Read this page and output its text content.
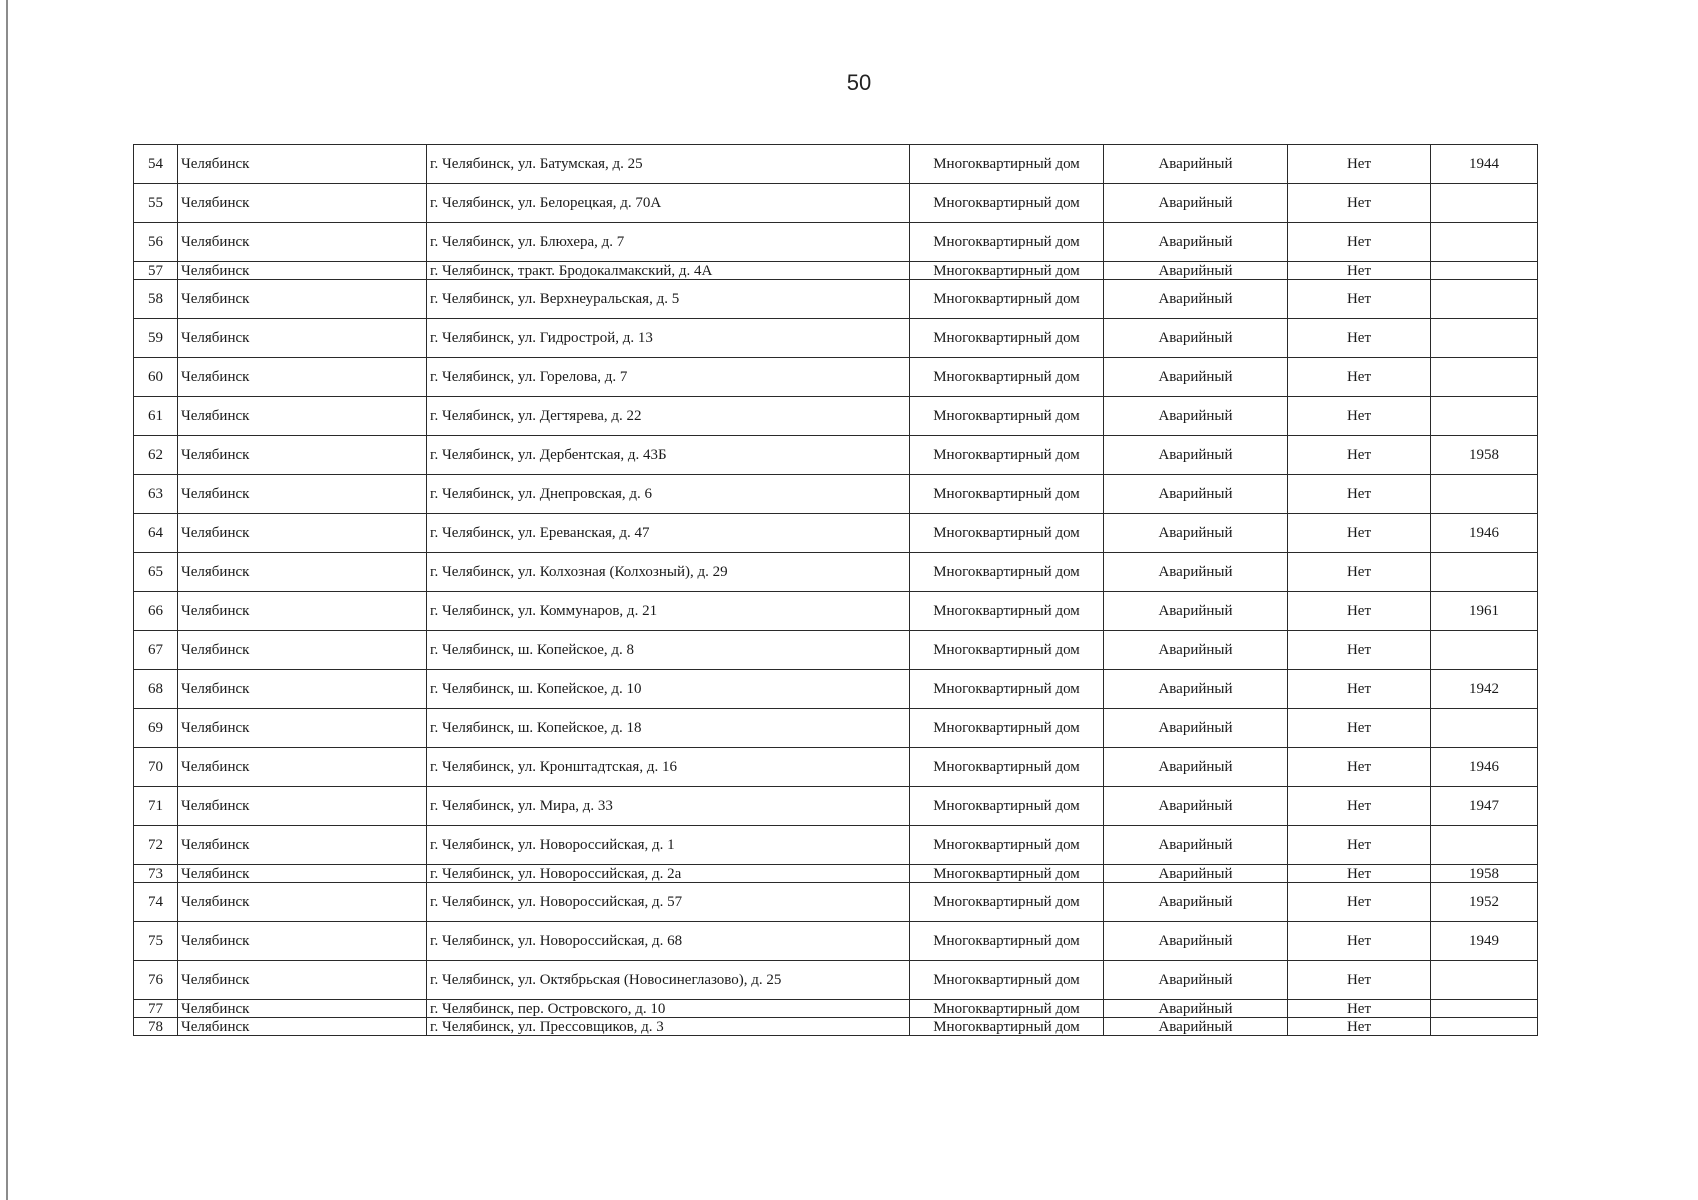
50
54	Челябинск	г. Челябинск, ул. Батумская, д. 25	Многоквартирный дом	Аварийный	Нет	1944
55	Челябинск	г. Челябинск, ул. Белорецкая, д. 70А	Многоквартирный дом	Аварийный	Нет	
56	Челябинск	г. Челябинск, ул. Блюхера, д. 7	Многоквартирный дом	Аварийный	Нет	
57	Челябинск	г. Челябинск, тракт. Бродокалмакский, д. 4А	Многоквартирный дом	Аварийный	Нет	
58	Челябинск	г. Челябинск, ул. Верхнеуральская, д. 5	Многоквартирный дом	Аварийный	Нет	
59	Челябинск	г. Челябинск, ул. Гидрострой, д. 13	Многоквартирный дом	Аварийный	Нет	
60	Челябинск	г. Челябинск, ул. Горелова, д. 7	Многоквартирный дом	Аварийный	Нет	
61	Челябинск	г. Челябинск, ул. Дегтярева, д. 22	Многоквартирный дом	Аварийный	Нет	
62	Челябинск	г. Челябинск, ул. Дербентская, д. 43Б	Многоквартирный дом	Аварийный	Нет	1958
63	Челябинск	г. Челябинск, ул. Днепровская, д. 6	Многоквартирный дом	Аварийный	Нет	
64	Челябинск	г. Челябинск, ул. Ереванская, д. 47	Многоквартирный дом	Аварийный	Нет	1946
65	Челябинск	г. Челябинск, ул. Колхозная (Колхозный), д. 29	Многоквартирный дом	Аварийный	Нет	
66	Челябинск	г. Челябинск, ул. Коммунаров, д. 21	Многоквартирный дом	Аварийный	Нет	1961
67	Челябинск	г. Челябинск, ш. Копейское, д. 8	Многоквартирный дом	Аварийный	Нет	
68	Челябинск	г. Челябинск, ш. Копейское, д. 10	Многоквартирный дом	Аварийный	Нет	1942
69	Челябинск	г. Челябинск, ш. Копейское, д. 18	Многоквартирный дом	Аварийный	Нет	
70	Челябинск	г. Челябинск, ул. Кронштадтская, д. 16	Многоквартирный дом	Аварийный	Нет	1946
71	Челябинск	г. Челябинск, ул. Мира, д. 33	Многоквартирный дом	Аварийный	Нет	1947
72	Челябинск	г. Челябинск, ул. Новороссийская, д. 1	Многоквартирный дом	Аварийный	Нет	
73	Челябинск	г. Челябинск, ул. Новороссийская, д. 2а	Многоквартирный дом	Аварийный	Нет	1958
74	Челябинск	г. Челябинск, ул. Новороссийская, д. 57	Многоквартирный дом	Аварийный	Нет	1952
75	Челябинск	г. Челябинск, ул. Новороссийская, д. 68	Многоквартирный дом	Аварийный	Нет	1949
76	Челябинск	г. Челябинск, ул. Октябрьская (Новосинеглазово), д. 25	Многоквартирный дом	Аварийный	Нет	
77	Челябинск	г. Челябинск, пер. Островского, д. 10	Многоквартирный дом	Аварийный	Нет	
78	Челябинск	г. Челябинск, ул. Прессовщиков, д. 3	Многоквартирный дом	Аварийный	Нет	
